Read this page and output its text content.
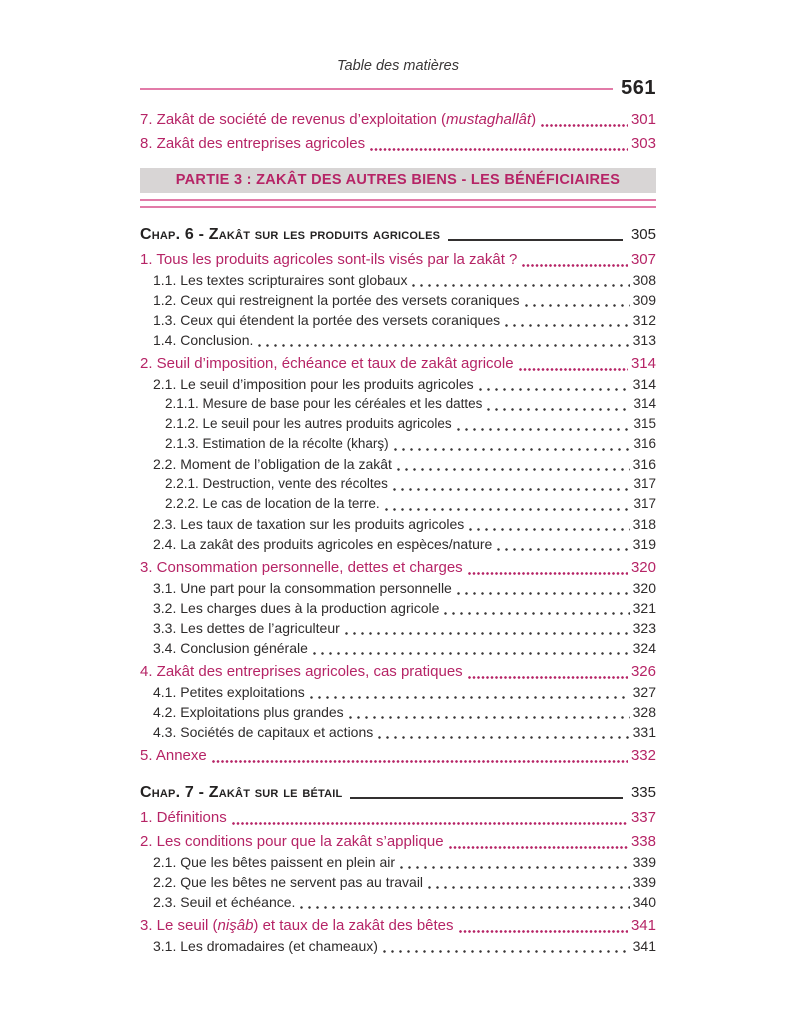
Table des matières
561
7. Zakât de société de revenus d’exploitation (mustaghallât)	301
8. Zakât des entreprises agricoles	303
PARTIE 3 : ZAKÂT DES AUTRES BIENS - LES BÉNÉFICIAIRES
Chap. 6 - Zakât sur les produits agricoles	305
1. Tous les produits agricoles sont-ils visés par la zakât ?	307
1.1. Les textes scripturaires sont globaux	308
1.2. Ceux qui restreignent la portée des versets coraniques	309
1.3. Ceux qui étendent la portée des versets coraniques	312
1.4. Conclusion.	313
2. Seuil d’imposition, échéance et taux de zakât agricole	314
2.1. Le seuil d’imposition pour les produits agricoles	314
2.1.1. Mesure de base pour les céréales et les dattes	314
2.1.2. Le seuil pour les autres produits agricoles	315
2.1.3. Estimation de la récolte (kharş)	316
2.2. Moment de l’obligation de la zakât	316
2.2.1. Destruction, vente des récoltes	317
2.2.2. Le cas de location de la terre.	317
2.3. Les taux de taxation sur les produits agricoles	318
2.4. La zakât des produits agricoles en espèces/nature	319
3. Consommation personnelle, dettes et charges	320
3.1. Une part pour la consommation personnelle	320
3.2. Les charges dues à la production agricole	321
3.3. Les dettes de l’agriculteur	323
3.4. Conclusion générale	324
4. Zakât des entreprises agricoles, cas pratiques	326
4.1. Petites exploitations	327
4.2. Exploitations plus grandes	328
4.3. Sociétés de capitaux et actions	331
5. Annexe	332
Chap. 7 - Zakât sur le bétail	335
1. Définitions	337
2. Les conditions pour que la zakât s’applique	338
2.1. Que les bêtes paissent en plein air	339
2.2. Que les bêtes ne servent pas au travail	339
2.3. Seuil et échéance.	340
3. Le seuil (nişâb) et taux de la zakât des bêtes	341
3.1. Les dromadaires (et chameaux)	341
